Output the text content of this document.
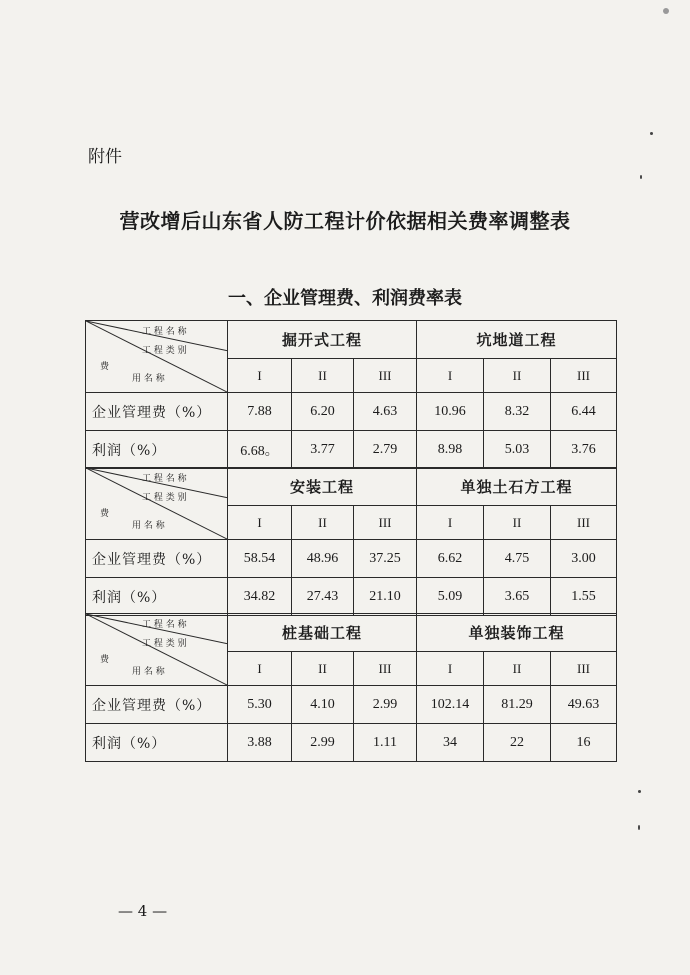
附件
营改增后山东省人防工程计价依据相关费率调整表
一、企业管理费、利润费率表
工 程 名 称
工 程 类 别
费
用 名 称	掘开式工程			坑地道工程		
	I	II	III	I	II	III
企业管理费（%）	7.88	6.20	4.63	10.96	8.32	6.44
利润（%）	6.68。	3.77	2.79	8.98	5.03	3.76
工 程 名 称
工 程 类 别
费
用 名 称	安装工程			单独土石方工程		
	I	II	III	I	II	III
企业管理费（%）	58.54	48.96	37.25	6.62	4.75	3.00
利润（%）	34.82	27.43	21.10	5.09	3.65	1.55
工 程 名 称
工 程 类 别
费
用 名 称	桩基础工程			单独装饰工程		
	I	II	III	I	II	III
企业管理费（%）	5.30	4.10	2.99	102.14	81.29	49.63
利润（%）	3.88	2.99	1.11	34	22	16
— 4 —
